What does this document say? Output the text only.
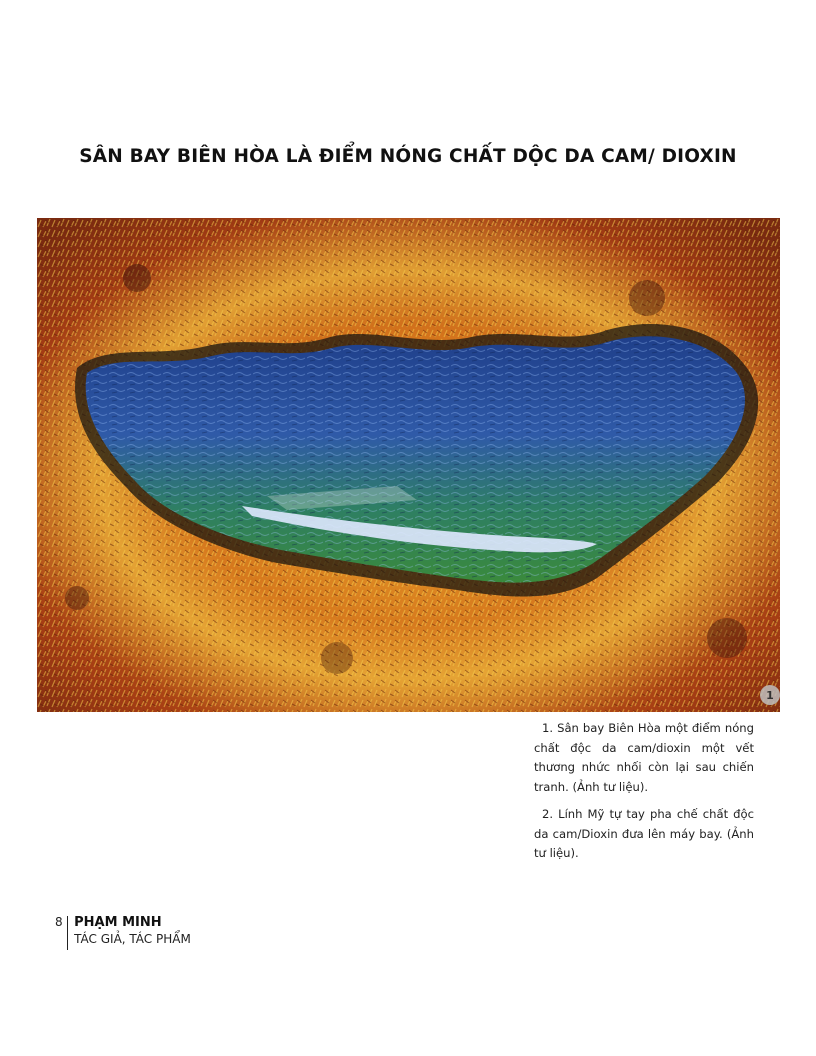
SÂN BAY BIÊN HÒA LÀ ĐIỂM NÓNG CHẤT DỘC DA CAM/ DIOXIN
1

1. Sân bay Biên Hòa một điểm nóng chất độc da cam/dioxin một vết thương nhức nhối còn lại sau chiến tranh. (Ảnh tư liệu).

2. Lính Mỹ tự tay pha chế chất độc da cam/Dioxin đưa lên máy bay. (Ảnh tư liệu).

8 PHẠM MINH
TÁC GIẢ, TÁC PHẨM
